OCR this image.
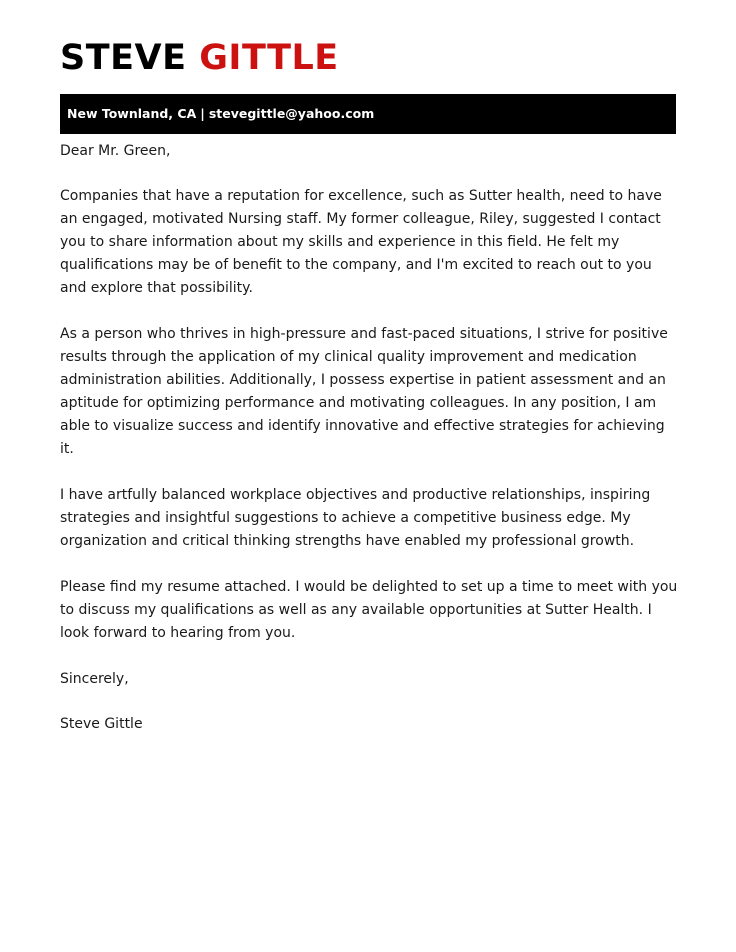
STEVE GITTLE
New Townland, CA | stevegittle@yahoo.com

Dear Mr. Green,

Companies that have a reputation for excellence, such as Sutter health, need to have an engaged, motivated Nursing staff. My former colleague, Riley, suggested I contact you to share information about my skills and experience in this field. He felt my qualifications may be of benefit to the company, and I'm excited to reach out to you and explore that possibility.

As a person who thrives in high-pressure and fast-paced situations, I strive for positive results through the application of my clinical quality improvement and medication administration abilities. Additionally, I possess expertise in patient assessment and an aptitude for optimizing performance and motivating colleagues. In any position, I am able to visualize success and identify innovative and effective strategies for achieving it.

I have artfully balanced workplace objectives and productive relationships, inspiring strategies and insightful suggestions to achieve a competitive business edge. My organization and critical thinking strengths have enabled my professional growth.

Please find my resume attached. I would be delighted to set up a time to meet with you to discuss my qualifications as well as any available opportunities at Sutter Health. I look forward to hearing from you.

Sincerely,

Steve Gittle
